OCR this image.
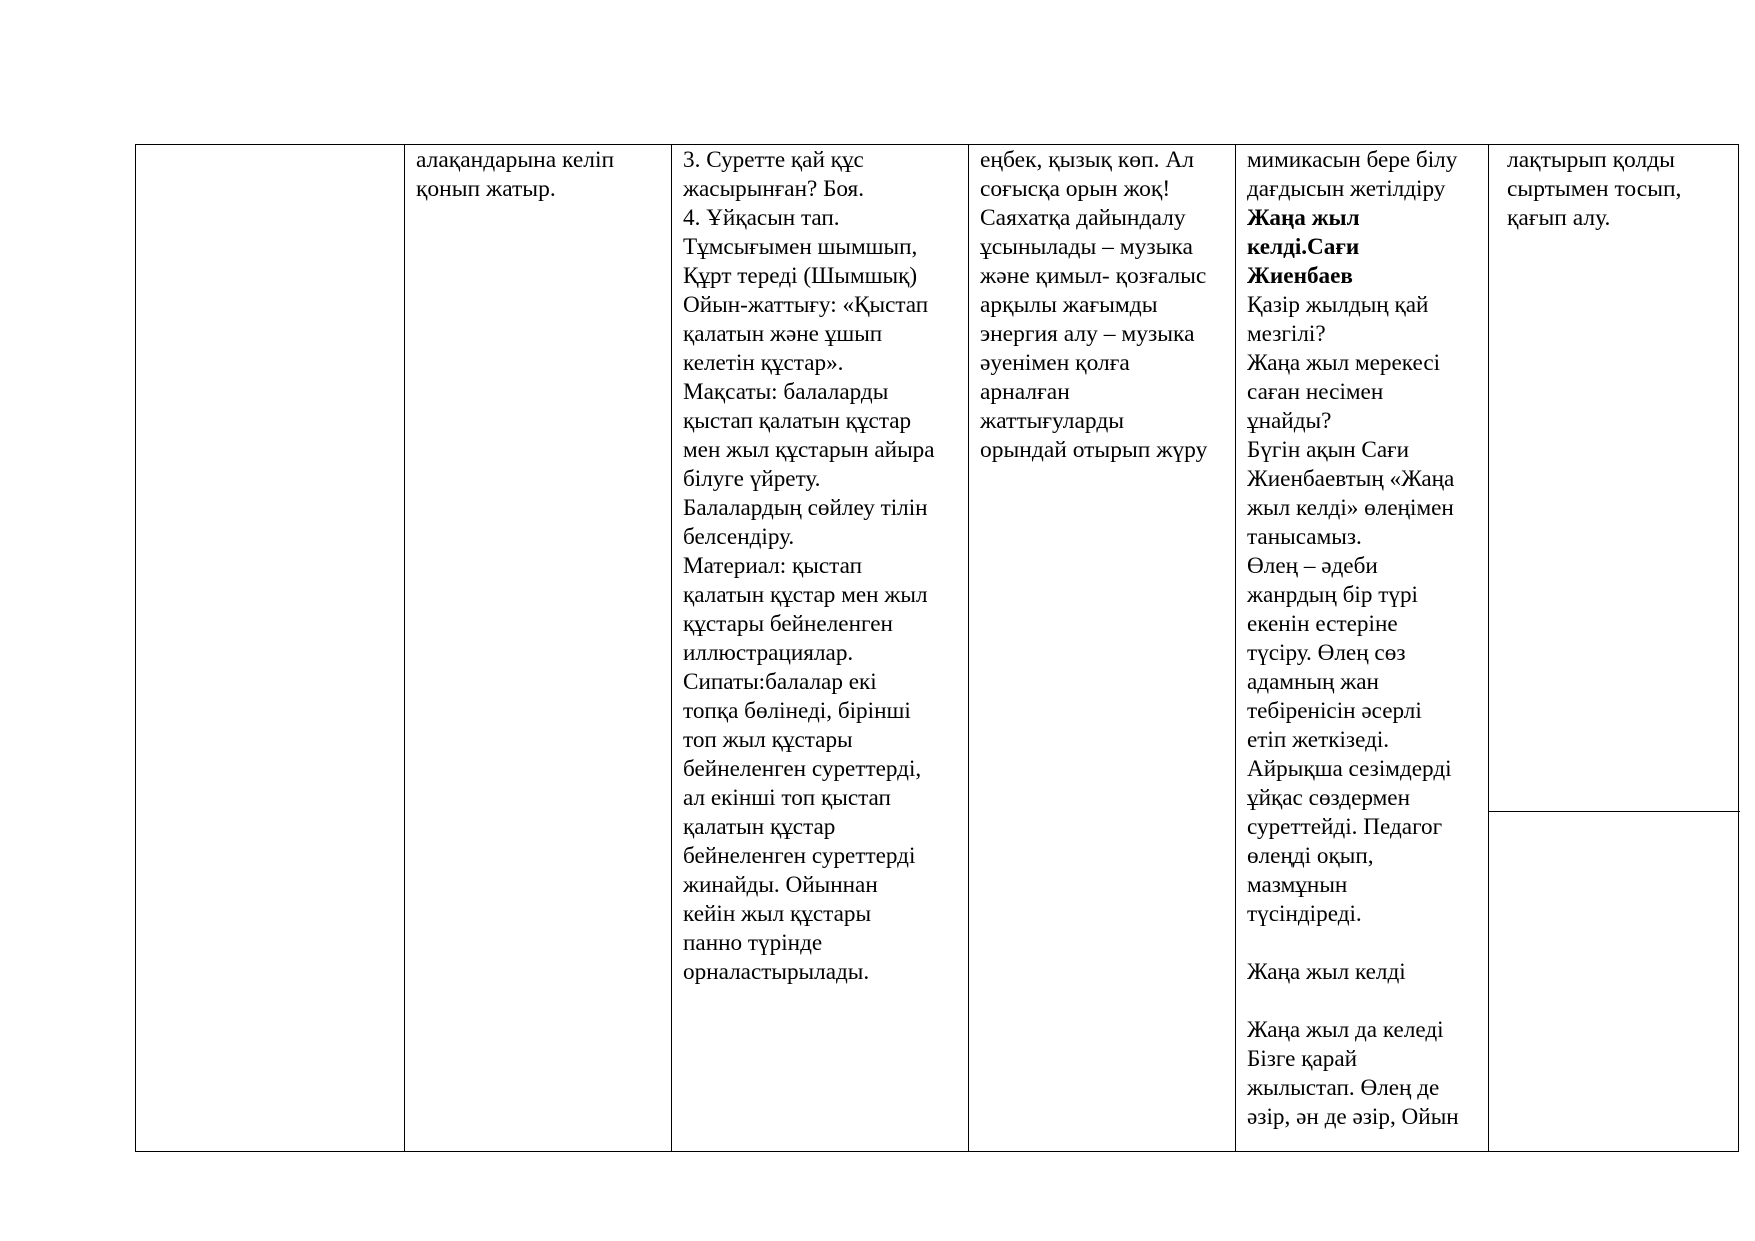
алақандарына келіп
қонып жатыр.
3. Суретте қай құс
жасырынған? Боя.
4. Ұйқасын тап.
Тұмсығымен шымшып,
Құрт тереді (Шымшық)
Ойын-жаттығу: «Қыстап
қалатын және ұшып
келетін құстар».
Мақсаты: балаларды
қыстап қалатын құстар
мен жыл құстарын айыра
білуге үйрету.
Балалардың сөйлеу тілін
белсендіру.
Материал: қыстап
қалатын құстар мен жыл
құстары бейнеленген
иллюстрациялар.
Сипаты:балалар екі
топқа бөлінеді, бірінші
топ жыл құстары
бейнеленген суреттерді,
ал екінші топ қыстап
қалатын құстар
бейнеленген суреттерді
жинайды. Ойыннан
кейін жыл құстары
панно түрінде
орналастырылады.
еңбек, қызық көп. Ал
соғысқа орын жоқ!
Саяхатқа дайындалу
ұсынылады – музыка
және қимыл- қозғалыс
арқылы жағымды
энергия алу – музыка
әуенімен қолға
арналған
жаттығуларды
орындай отырып жүру
мимикасын бере білу
дағдысын жетілдіру
Жаңа жыл
келді.Сағи
Жиенбаев
Қазір жылдың қай
мезгілі?
Жаңа жыл мерекесі
саған несімен
ұнайды?
Бүгін ақын Сағи
Жиенбаевтың «Жаңа
жыл келді» өлеңімен
танысамыз.
Өлең – әдеби
жанрдың бір түрі
екенін естеріне
түсіру. Өлең сөз
адамның жан
тебіренісін әсерлі
етіп жеткізеді.
Айрықша сезімдерді
ұйқас сөздермен
суреттейді. Педагог
өлеңді оқып,
мазмұнын
түсіндіреді.

Жаңа жыл келді

Жаңа жыл да келеді
Бізге қарай
жылыстап. Өлең де
әзір, ән де әзір, Ойын
лақтырып қолды
сыртымен тосып,
қағып алу.
